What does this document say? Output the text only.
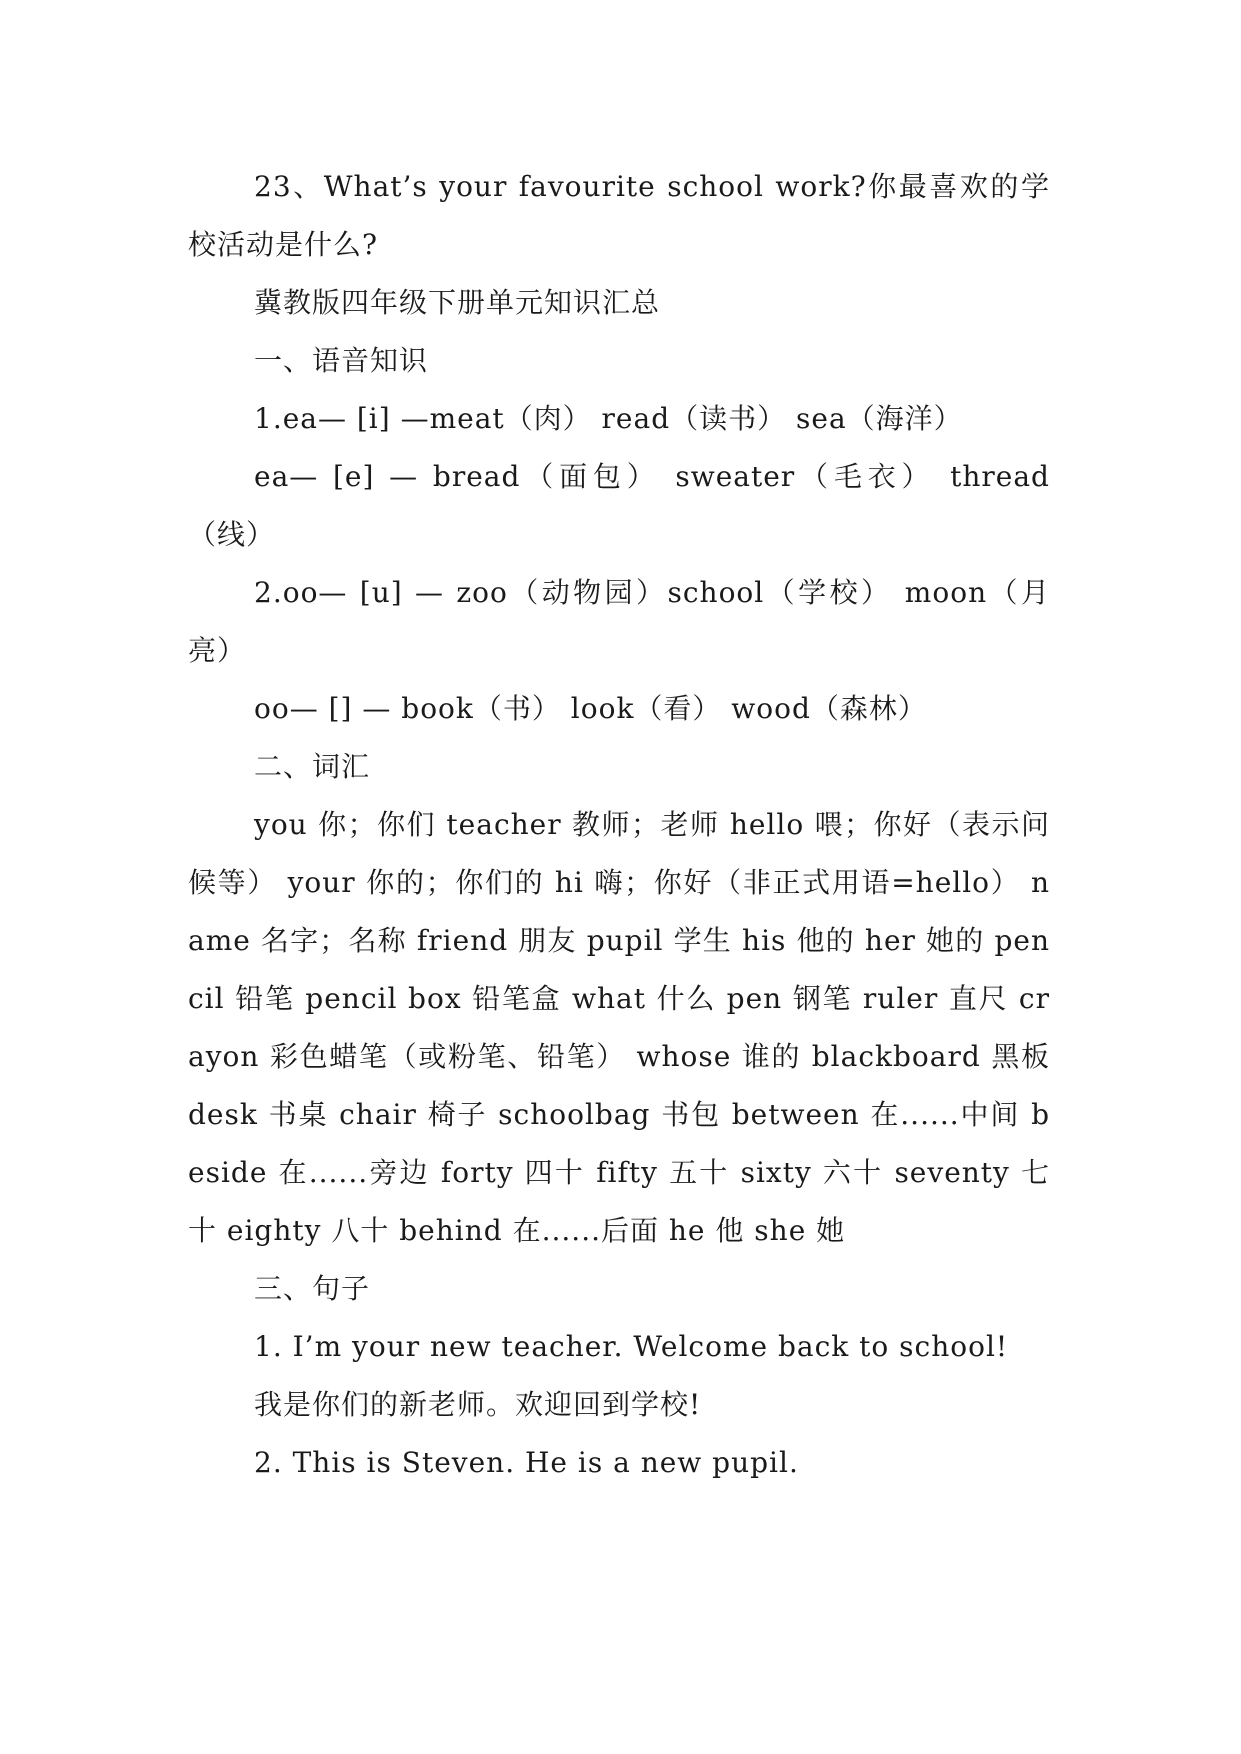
23、What’s your favourite school work?你最喜欢的学校活动是什么?

冀教版四年级下册单元知识汇总

一、语音知识

1.ea— [i] —meat（肉） read（读书） sea（海洋）

ea— [e] — bread（面包） sweater（毛衣） thread（线）

2.oo— [u] — zoo（动物园）school（学校） moon（月亮）

oo— [] — book（书） look（看） wood（森林）

二、词汇

you 你；你们 teacher 教师；老师 hello 喂；你好（表示问候等） your 你的；你们的 hi 嗨；你好（非正式用语=hello） name 名字；名称 friend 朋友 pupil 学生 his 他的 her 她的 pencil 铅笔 pencil box 铅笔盒 what 什么 pen 钢笔 ruler 直尺 crayon 彩色蜡笔（或粉笔、铅笔） whose 谁的 blackboard 黑板 desk 书桌 chair 椅子 schoolbag 书包 between 在......中间 beside 在......旁边 forty 四十 fifty 五十 sixty 六十 seventy 七十 eighty 八十 behind 在......后面 he 他 she 她

三、句子

1. I’m your new teacher. Welcome back to school!

我是你们的新老师。欢迎回到学校!

2. This is Steven. He is a new pupil.
